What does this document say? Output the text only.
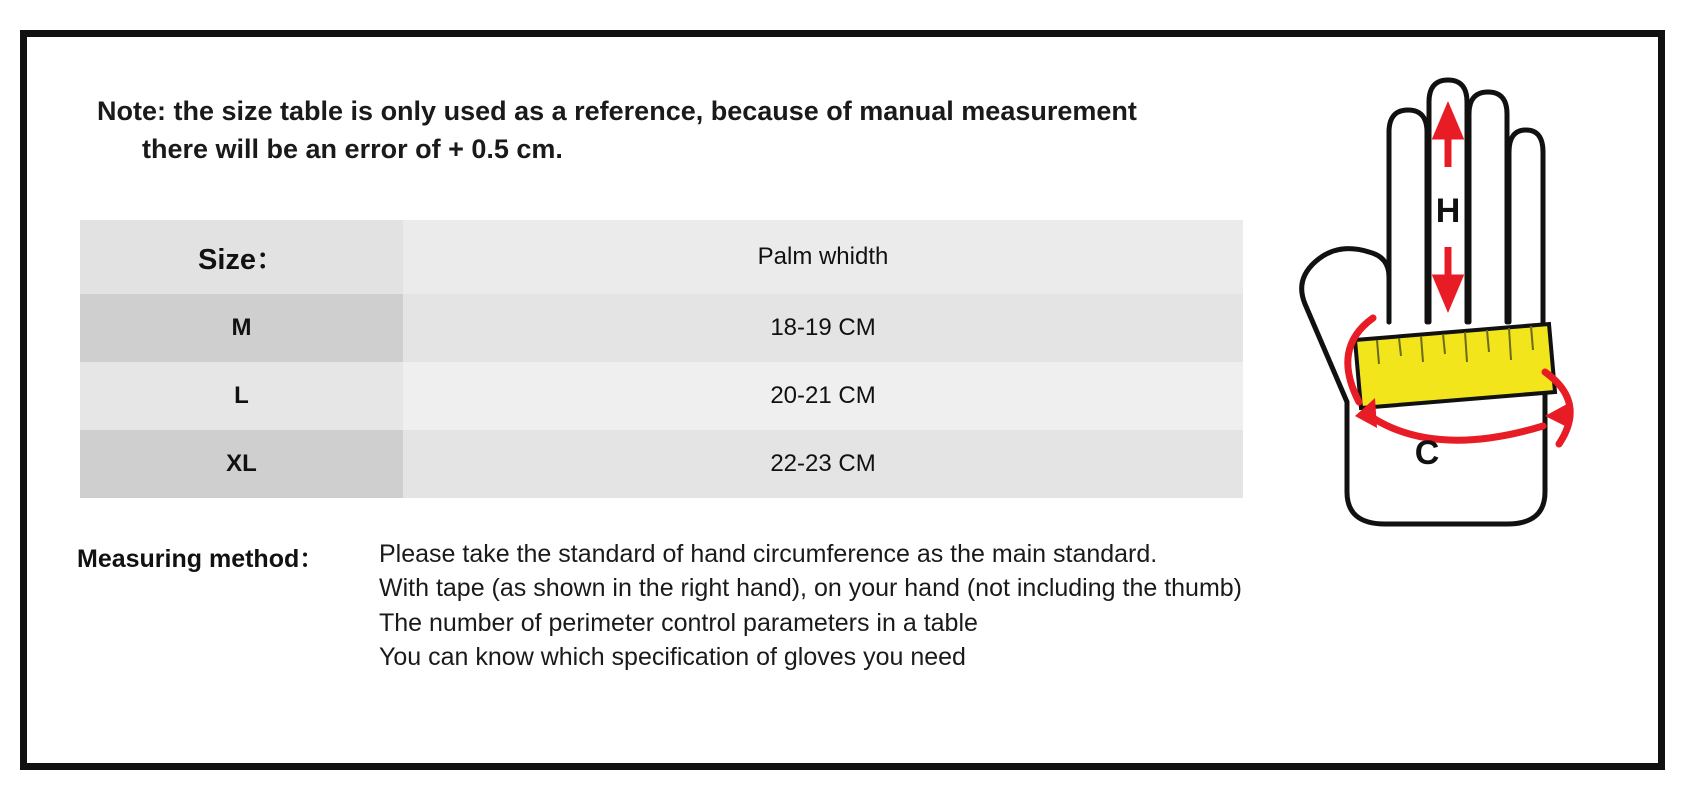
Note: the size table is only used as a reference, because of manual measurement
there will be an error of + 0.5 cm.
Size：	Palm whidth
M	18-19 CM
L	20-21 CM
XL	22-23 CM
Measuring method：	Please take the standard of hand circumference as the main standard.
With tape (as shown in the right hand), on your hand (not including the thumb)
The number of perimeter control parameters in a table
You can know which specification of gloves you need
H
C
